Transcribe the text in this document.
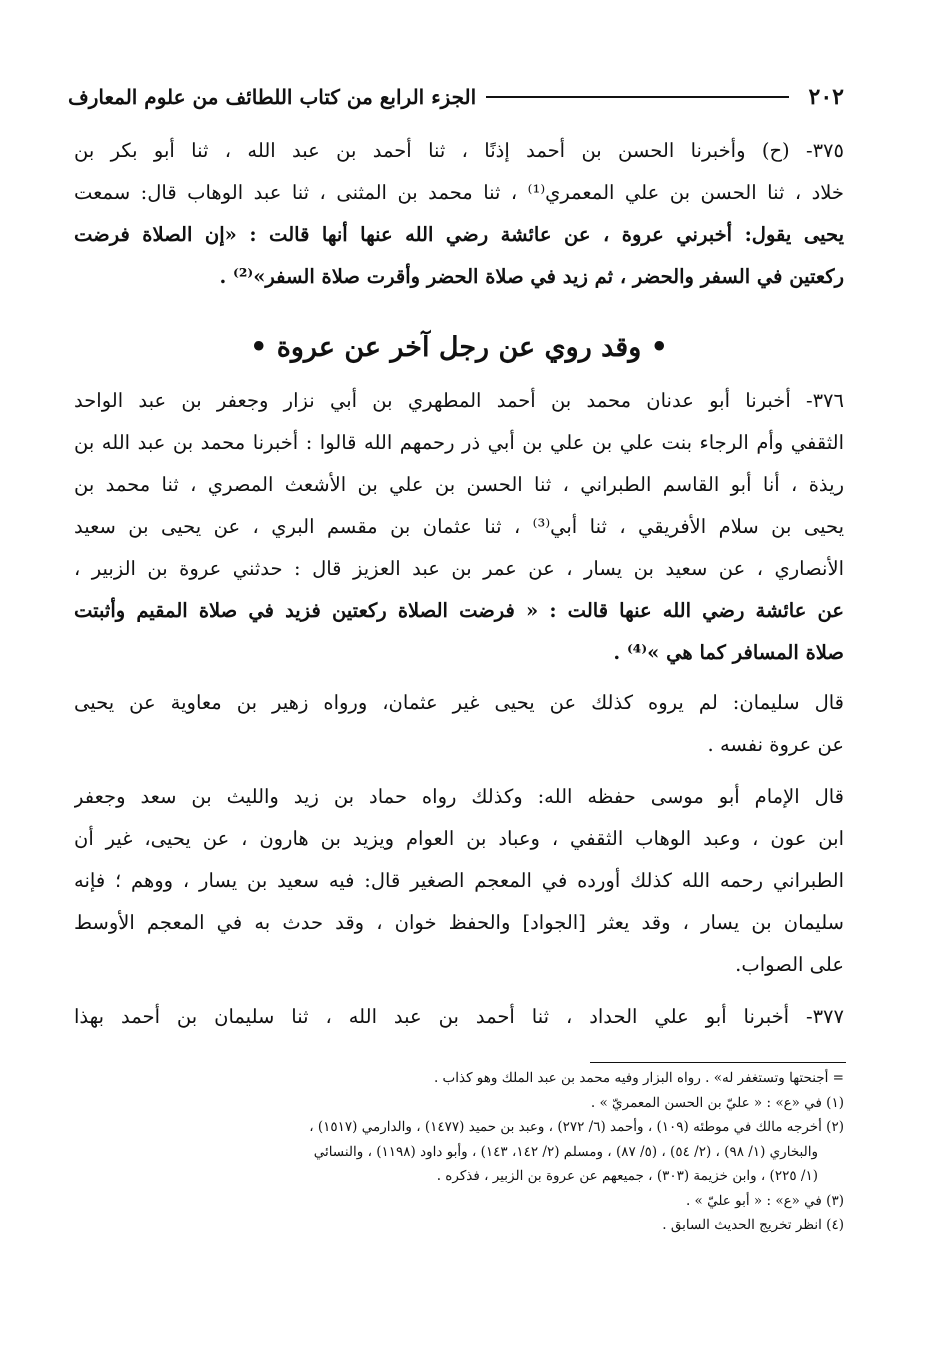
٢٠٢
الجزء الرابع من كتاب اللطائف من علوم المعارف
٣٧٥- (ح) وأخبرنا الحسن بن أحمد إذنًا ، ثنا أحمد بن عبد الله ، ثنا أبو بكر بن
خلاد ، ثنا الحسن بن علي المعمري⁽¹⁾ ، ثنا محمد بن المثنى ، ثنا عبد الوهاب قال: سمعت
يحيى يقول: أخبرني عروة ، عن عائشة رضي الله عنها أنها قالت : «إن الصلاة فرضت
ركعتين في السفر والحضر ، ثم زيد في صلاة الحضر وأقرت صلاة السفر»⁽²⁾ .
• وقد روي عن رجل آخر عن عروة •
٣٧٦- أخبرنا أبو عدنان محمد بن أحمد المطهري بن أبي نزار وجعفر بن عبد الواحد
الثقفي وأم الرجاء بنت علي بن علي بن أبي ذر رحمهم الله قالوا : أخبرنا محمد بن عبد الله بن
ريذة ، أنا أبو القاسم الطبراني ، ثنا الحسن بن علي بن الأشعث المصري ، ثنا محمد بن
يحيى بن سلام الأفريقي ، ثنا أبي⁽³⁾ ، ثنا عثمان بن مقسم البري ، عن يحيى بن سعيد
الأنصاري ، عن سعيد بن يسار ، عن عمر بن عبد العزيز قال : حدثني عروة بن الزبير ،
عن عائشة رضي الله عنها قالت : « فرضت الصلاة ركعتين فزيد في صلاة المقيم وأثبتت
صلاة المسافر كما هي »⁽⁴⁾ .
قال سليمان: لم يروه كذلك عن يحيى غير عثمان، ورواه زهير بن معاوية عن يحيى
عن عروة نفسه .
قال الإمام أبو موسى حفظه الله: وكذلك رواه حماد بن زيد والليث بن سعد وجعفر
ابن عون ، وعبد الوهاب الثقفي ، وعباد بن العوام ويزيد بن هارون ، عن يحيى، غير أن
الطبراني رحمه الله كذلك أورده في المعجم الصغير قال: فيه سعيد بن يسار ، ووهم ؛ فإنه
سليمان بن يسار ، وقد يعثر [الجواد] والحفظ خوان ، وقد حدث به في المعجم الأوسط
على الصواب.
٣٧٧- أخبرنا أبو علي الحداد ، ثنا أحمد بن عبد الله ، ثنا سليمان بن أحمد بهذا
= أجنحتها وتستغفر له» . رواه البزار وفيه محمد بن عبد الملك وهو كذاب .
(١) في «ع» : « عليّ بن الحسن المعمريّ » .
(٢) أخرجه مالك في موطئه (١٠٩) ، وأحمد (٦/ ٢٧٢) ، وعبد بن حميد (١٤٧٧) ، والدارمي (١٥١٧) ،
والبخاري (١/ ٩٨) ، (٢/ ٥٤) ، (٥/ ٨٧) ، ومسلم (٢/ ١٤٢، ١٤٣) ، وأبو داود (١١٩٨) ، والنسائي
(١/ ٢٢٥) ، وابن خزيمة (٣٠٣) ، جميعهم عن عروة بن الزبير ، فذكره .
(٣) في «ع» : « أبو عليّ » .
(٤) انظر تخريج الحديث السابق .
